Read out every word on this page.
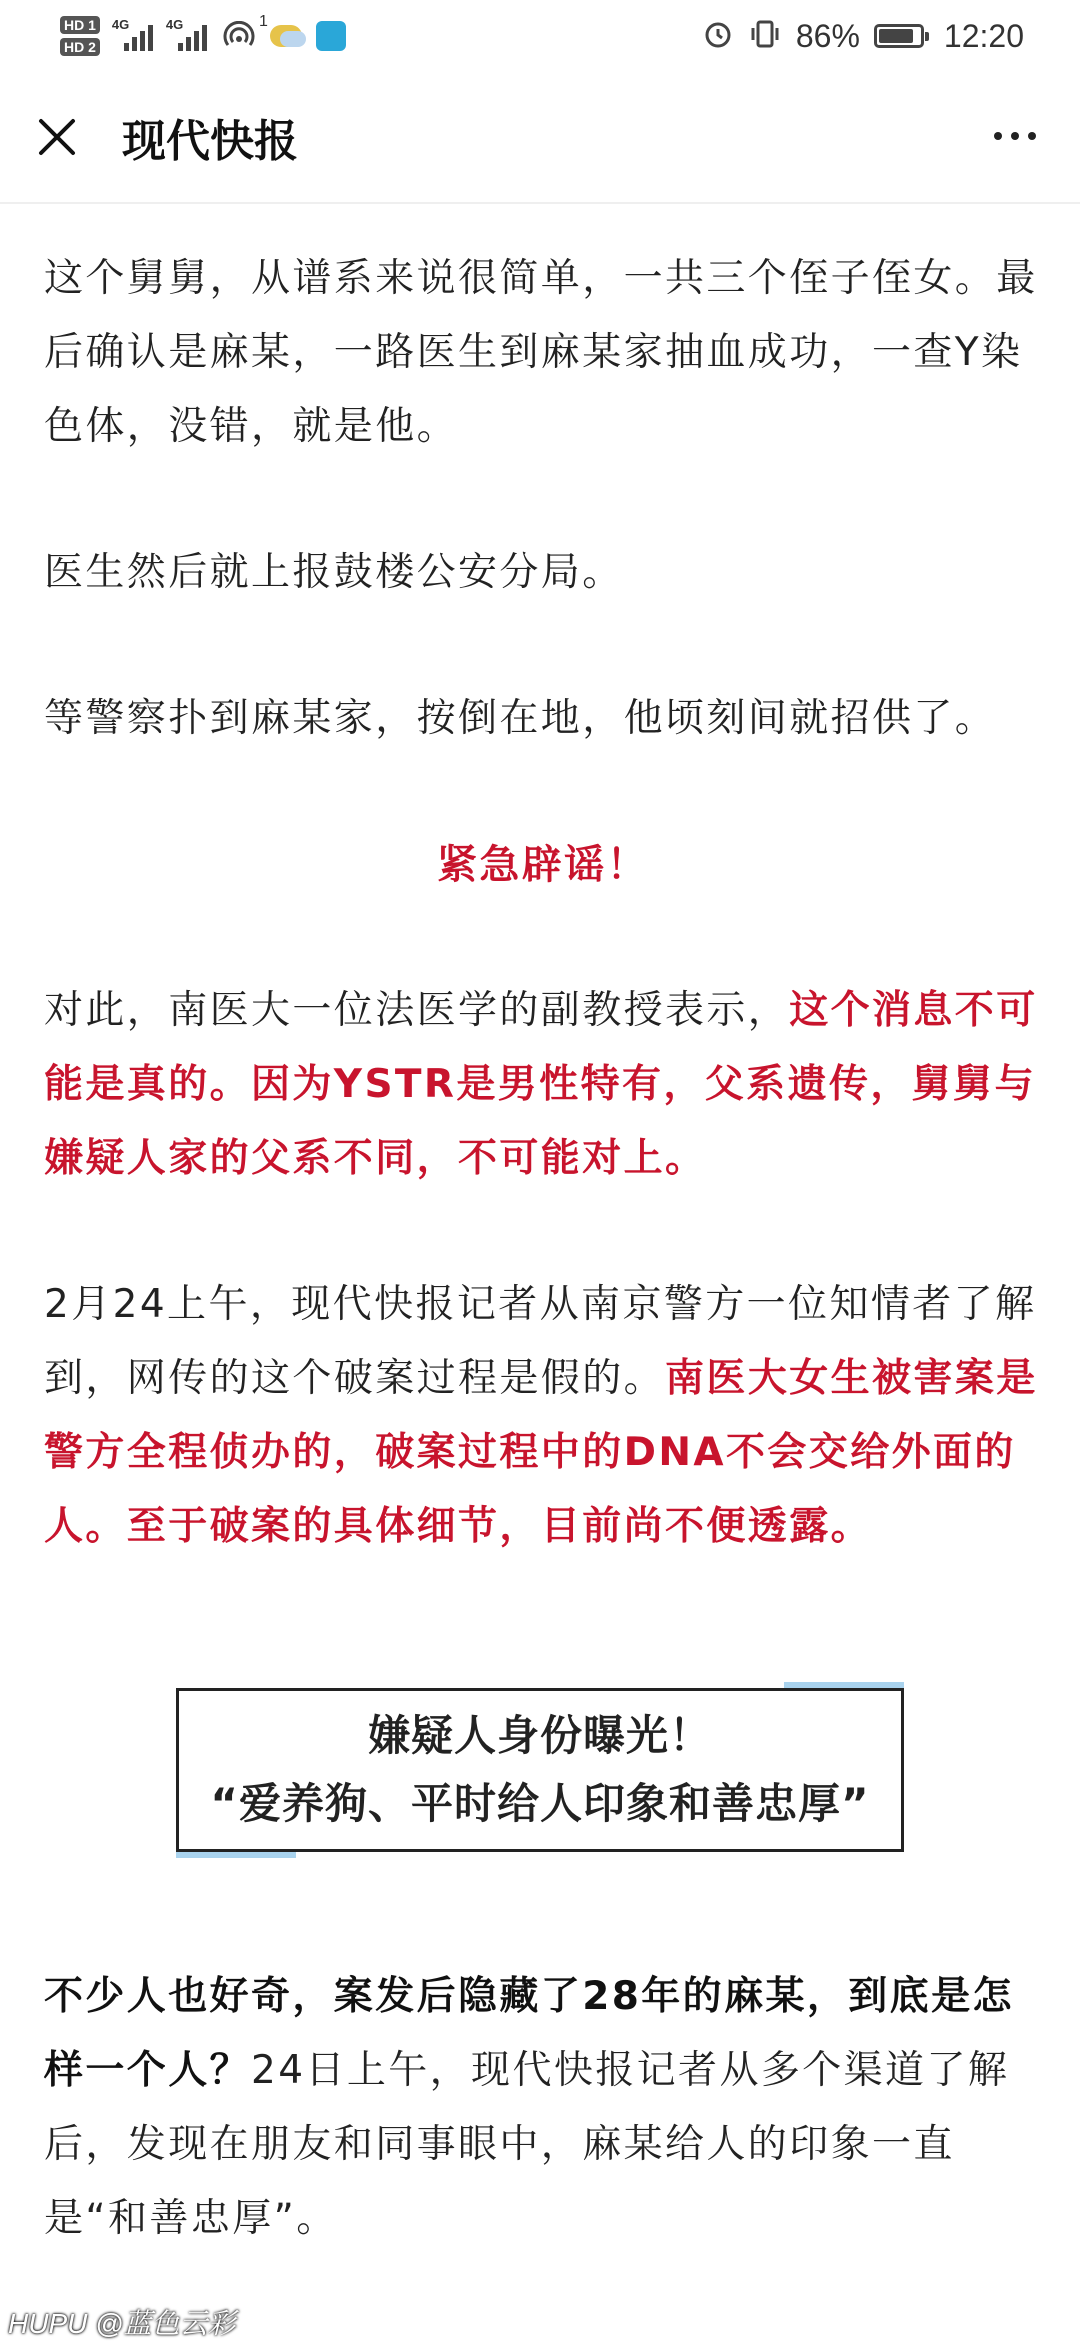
HD 1
HD 2
4G	4G	1	86%	12:20
现代快报

这个舅舅，从谱系来说很简单，一共三个侄子侄女。最后确认是麻某，一路医生到麻某家抽血成功，一查Y染色体，没错，就是他。

医生然后就上报鼓楼公安分局。

等警察扑到麻某家，按倒在地，他顷刻间就招供了。

紧急辟谣！

对此，南医大一位法医学的副教授表示，这个消息不可能是真的。因为YSTR是男性特有，父系遗传，舅舅与嫌疑人家的父系不同，不可能对上。

2月24上午，现代快报记者从南京警方一位知情者了解到，网传的这个破案过程是假的。南医大女生被害案是警方全程侦办的，破案过程中的DNA不会交给外面的人。至于破案的具体细节，目前尚不便透露。

嫌疑人身份曝光！
“爱养狗、平时给人印象和善忠厚”

不少人也好奇，案发后隐藏了28年的麻某，到底是怎样一个人？24日上午，现代快报记者从多个渠道了解后，发现在朋友和同事眼中，麻某给人的印象一直是“和善忠厚”。

HUPU @蓝色云彩
